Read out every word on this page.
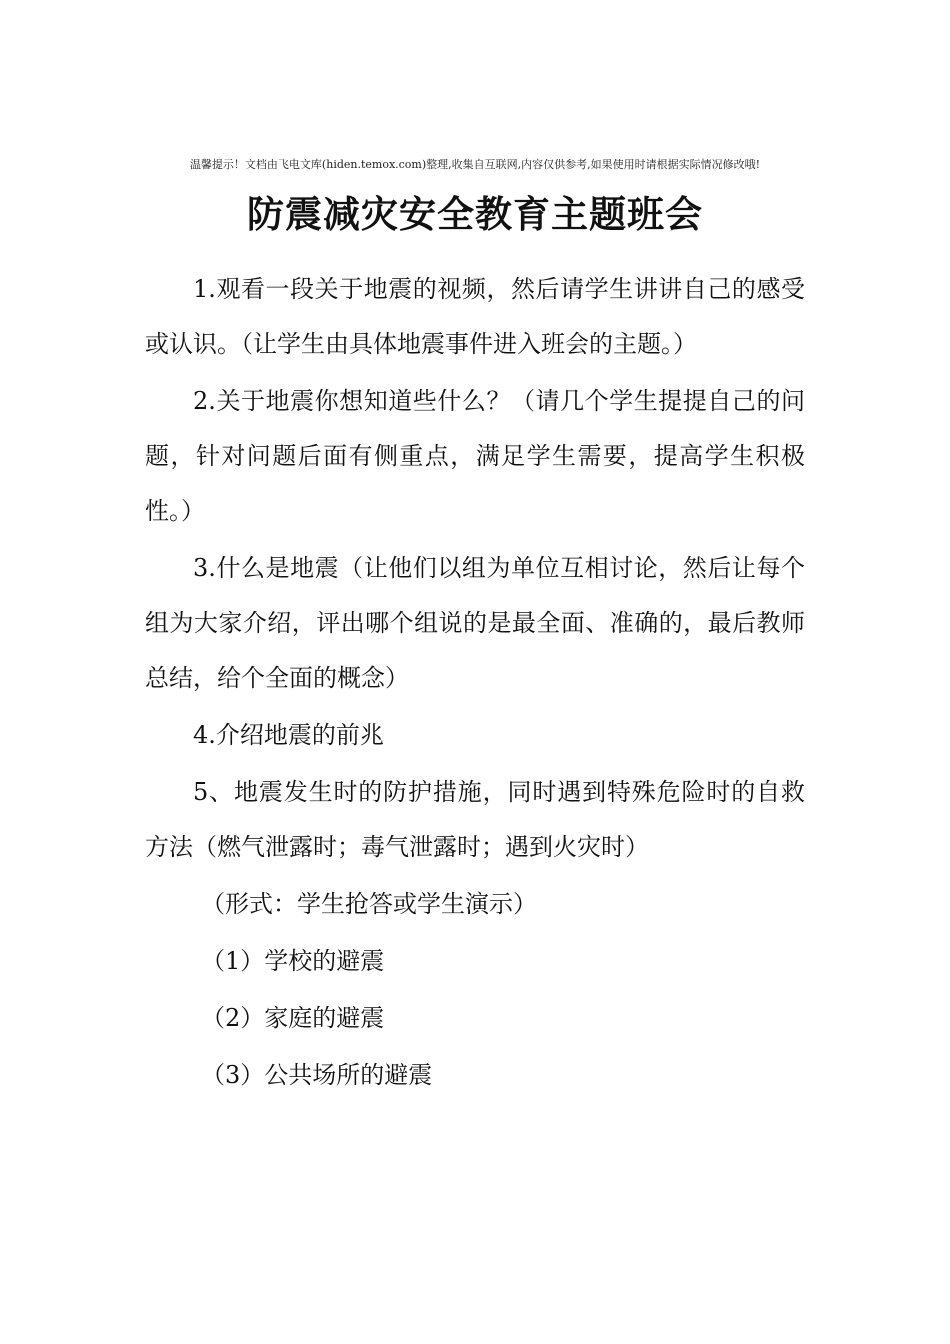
温馨提示！文档由飞电文库(hiden.temox.com)整理,收集自互联网,内容仅供参考,如果使用时请根据实际情况修改哦!
防震减灾安全教育主题班会

1.观看一段关于地震的视频，然后请学生讲讲自己的感受或认识。（让学生由具体地震事件进入班会的主题。）

2.关于地震你想知道些什么？（请几个学生提提自己的问题，针对问题后面有侧重点，满足学生需要，提高学生积极性。）

3.什么是地震（让他们以组为单位互相讨论，然后让每个组为大家介绍，评出哪个组说的是最全面、准确的，最后教师总结，给个全面的概念）

4.介绍地震的前兆

5、地震发生时的防护措施，同时遇到特殊危险时的自救方法（燃气泄露时；毒气泄露时；遇到火灾时）

（形式：学生抢答或学生演示）
（1）学校的避震
（2）家庭的避震
（3）公共场所的避震
